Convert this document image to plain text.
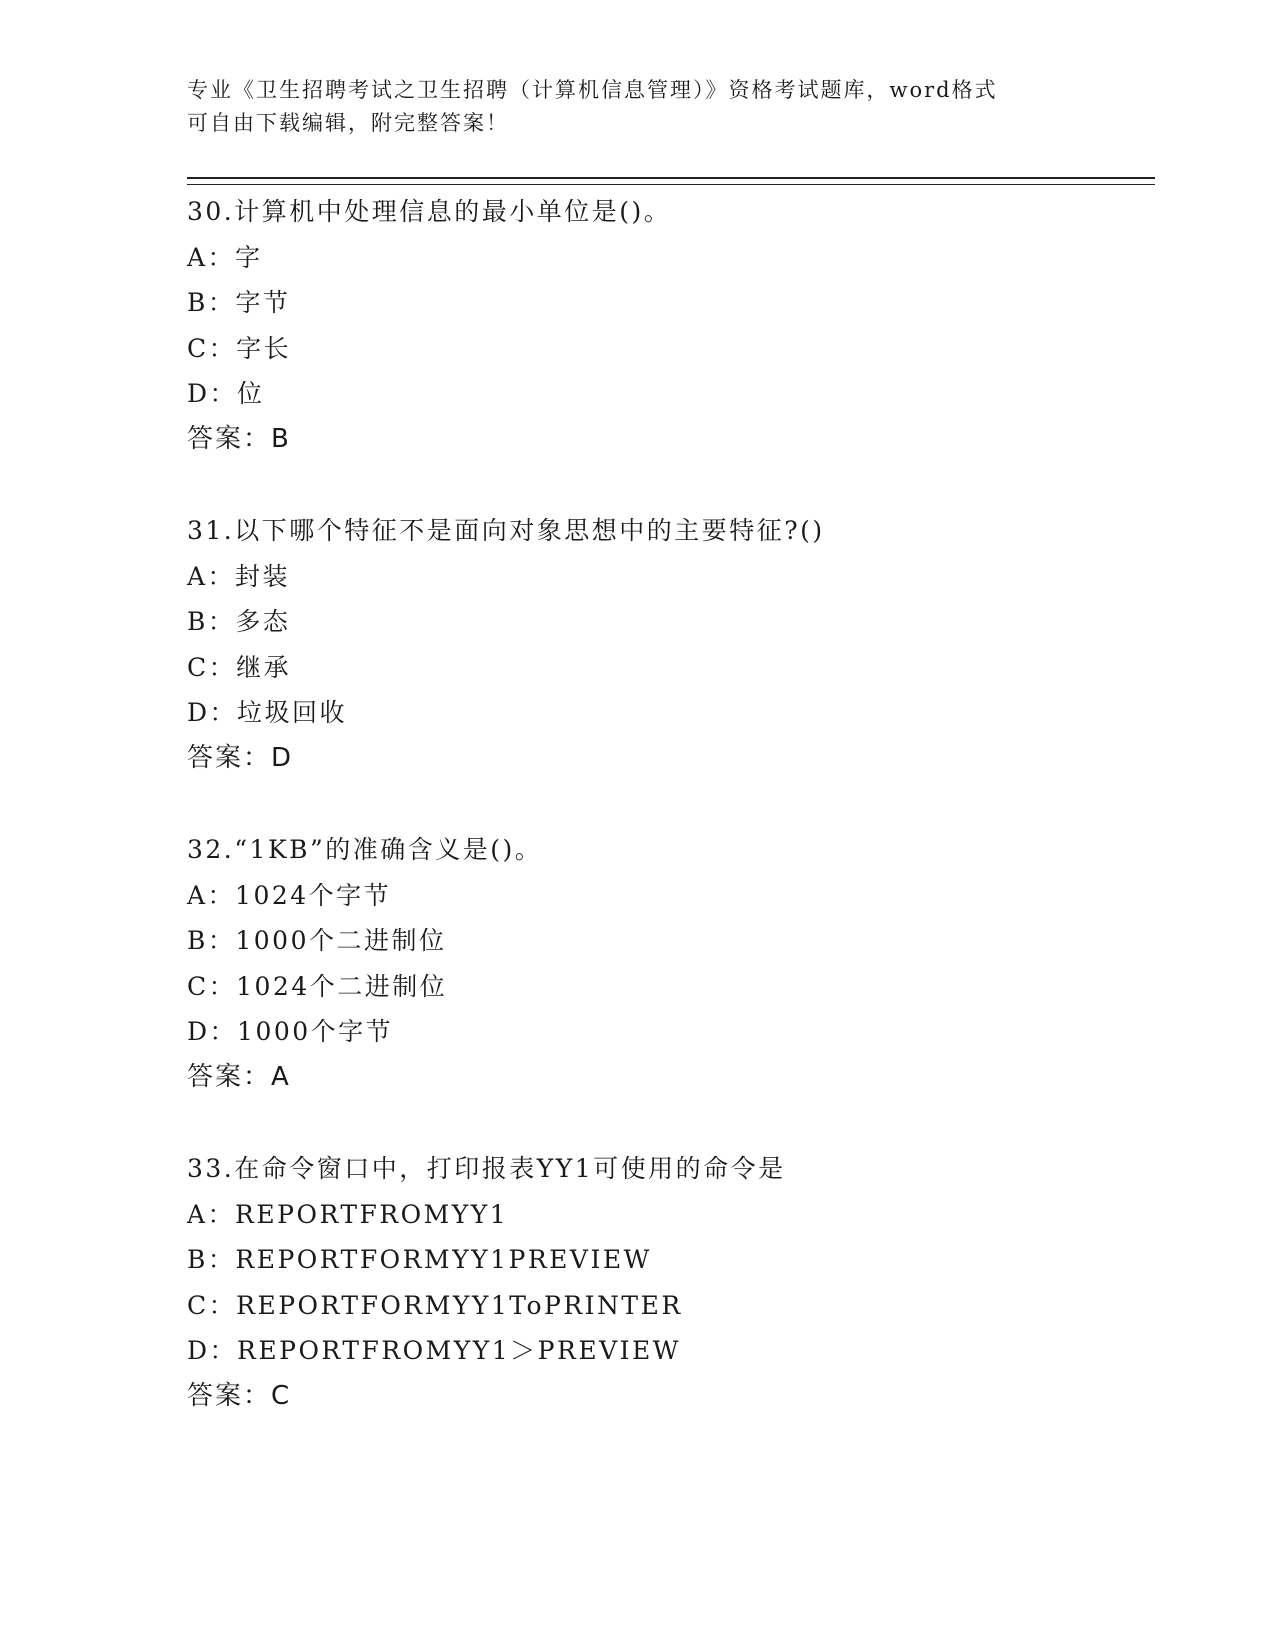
专业《卫生招聘考试之卫生招聘（计算机信息管理）》资格考试题库，word格式
可自由下载编辑，附完整答案！
30.计算机中处理信息的最小单位是()。
A：字
B：字节
C：字长
D：位
答案：B
31.以下哪个特征不是面向对象思想中的主要特征?()
A：封装
B：多态
C：继承
D：垃圾回收
答案：D
32.“1KB”的准确含义是()。
A：1024个字节
B：1000个二进制位
C：1024个二进制位
D：1000个字节
答案：A
33.在命令窗口中，打印报表YY1可使用的命令是
A：REPORTFROMYY1
B：REPORTFORMYY1PREVIEW
C：REPORTFORMYY1ToPRINTER
D：REPORTFROMYY1＞PREVIEW
答案：C
